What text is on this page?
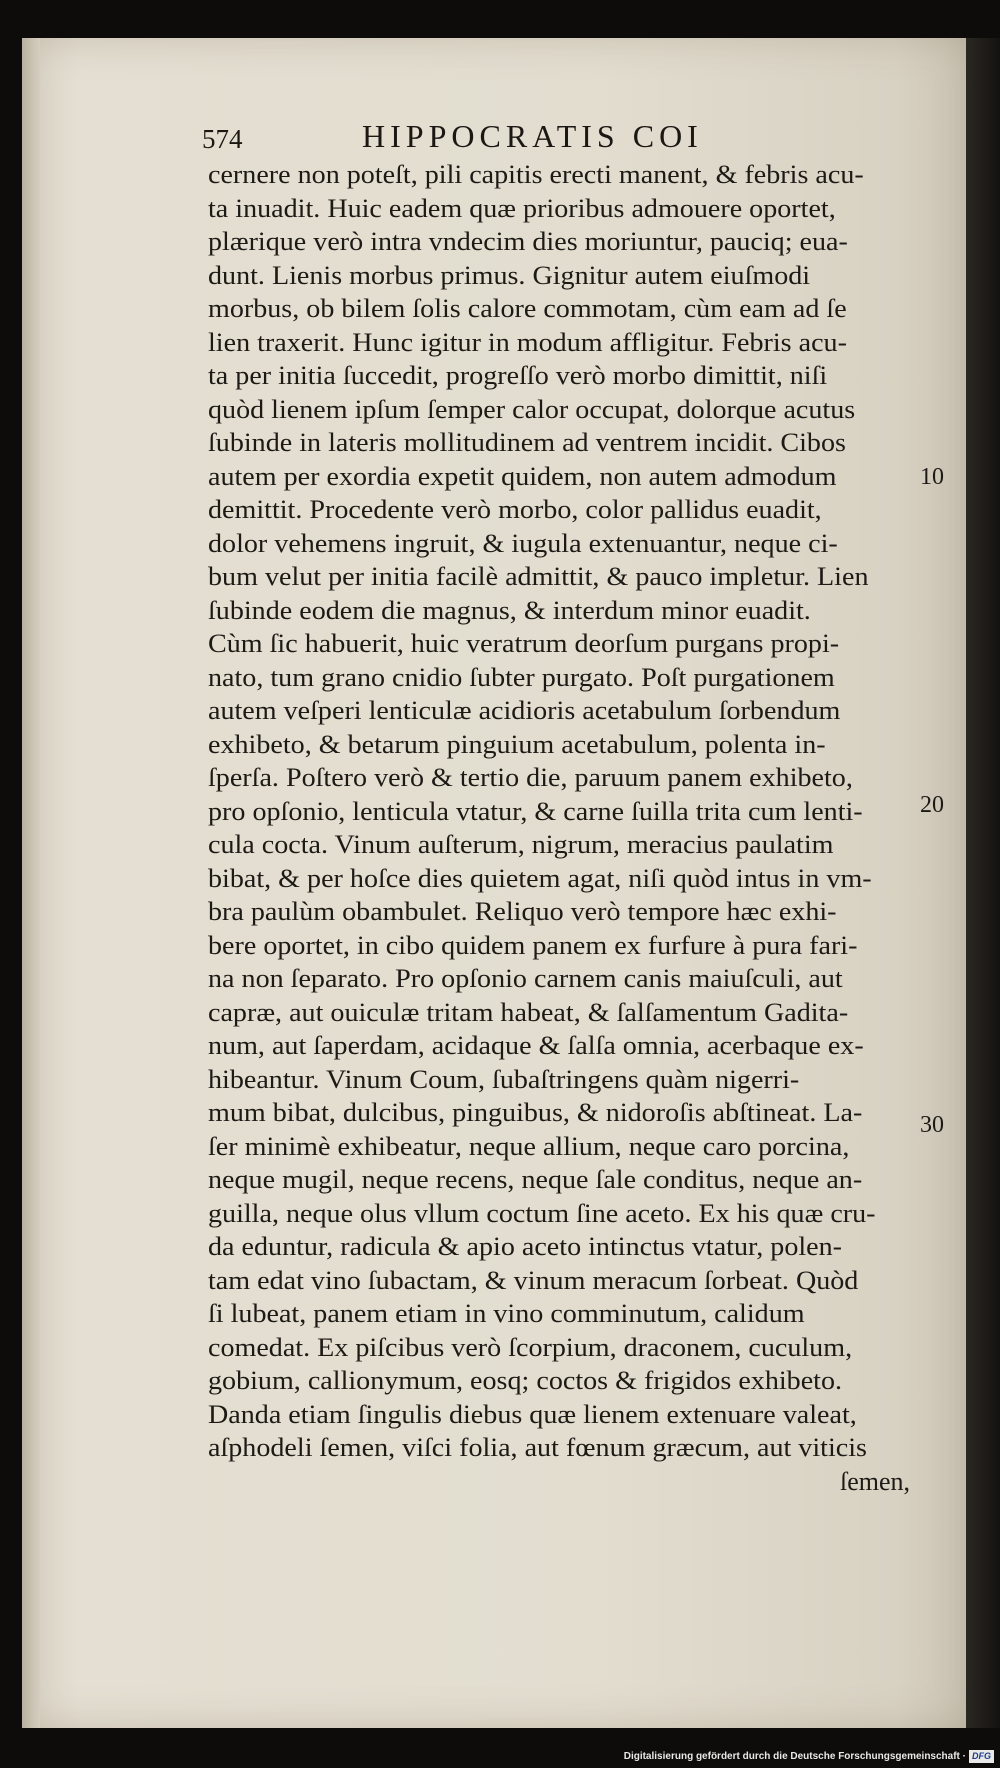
574	HIPPOCRATIS COI
cernere non poteſt, pili capitis erecti manent, & febris acu-
ta inuadit. Huic eadem quæ prioribus admouere oportet,
plærique verò intra vndecim dies moriuntur, pauciq; eua-
dunt. Lienis morbus primus. Gignitur autem eiuſmodi
morbus, ob bilem ſolis calore commotam, cùm eam ad ſe
lien traxerit. Hunc igitur in modum affligitur. Febris acu-
ta per initia ſuccedit, progreſſo verò morbo dimittit, niſi
quòd lienem ipſum ſemper calor occupat, dolorque acutus
ſubinde in lateris mollitudinem ad ventrem incidit. Cibos
autem per exordia expetit quidem, non autem admodum
demittit. Procedente verò morbo, color pallidus euadit,
dolor vehemens ingruit, & iugula extenuantur, neque ci-
bum velut per initia facilè admittit, & pauco impletur. Lien
ſubinde eodem die magnus, & interdum minor euadit.
Cùm ſic habuerit, huic veratrum deorſum purgans propi-
nato, tum grano cnidio ſubter purgato. Poſt purgationem
autem veſperi lenticulæ acidioris acetabulum ſorbendum
exhibeto, & betarum pinguium acetabulum, polenta in-
ſperſa. Poſtero verò & tertio die, paruum panem exhibeto,
pro opſonio, lenticula vtatur, & carne ſuilla trita cum lenti-
cula cocta. Vinum auſterum, nigrum, meracius paulatim
bibat, & per hoſce dies quietem agat, niſi quòd intus in vm-
bra paulùm obambulet. Reliquo verò tempore hæc exhi-
bere oportet, in cibo quidem panem ex furfure à pura fari-
na non ſeparato. Pro opſonio carnem canis maiuſculi, aut
capræ, aut ouiculæ tritam habeat, & ſalſamentum Gadita-
num, aut ſaperdam, acidaque & ſalſa omnia, acerbaque ex-
hibeantur. Vinum Coum, ſubaſtringens quàm nigerri-
mum bibat, dulcibus, pinguibus, & nidoroſis abſtineat. La-
ſer minimè exhibeatur, neque allium, neque caro porcina,
neque mugil, neque recens, neque ſale conditus, neque an-
guilla, neque olus vllum coctum ſine aceto. Ex his quæ cru-
da eduntur, radicula & apio aceto intinctus vtatur, polen-
tam edat vino ſubactam, & vinum meracum ſorbeat. Quòd
ſi lubeat, panem etiam in vino comminutum, calidum
comedat. Ex piſcibus verò ſcorpium, draconem, cuculum,
gobium, callionymum, eosq; coctos & frigidos exhibeto.
Danda etiam ſingulis diebus quæ lienem extenuare valeat,
aſphodeli ſemen, viſci folia, aut fœnum græcum, aut viticis
ſemen,
10
20
30
Digitalisierung gefördert durch die Deutsche Forschungsgemeinschaft · DFG
